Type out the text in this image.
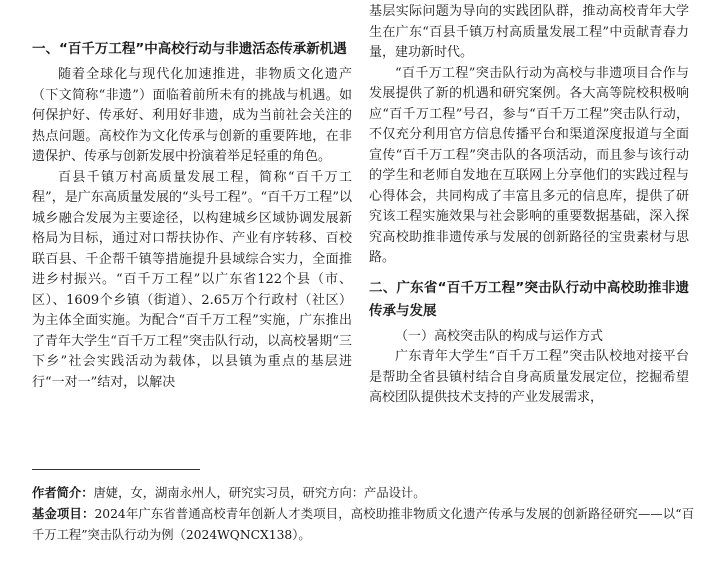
一、“百千万工程”中高校行动与非遗活态传承新机遇

随着全球化与现代化加速推进，非物质文化遗产（下文简称“非遗”）面临着前所未有的挑战与机遇。如何保护好、传承好、利用好非遗，成为当前社会关注的热点问题。高校作为文化传承与创新的重要阵地，在非遗保护、传承与创新发展中扮演着举足轻重的角色。

百县千镇万村高质量发展工程，简称“百千万工程”，是广东高质量发展的“头号工程”。“百千万工程”以城乡融合发展为主要途径，以构建城乡区域协调发展新格局为目标，通过对口帮扶协作、产业有序转移、百校联百县、千企帮千镇等措施提升县域综合实力，全面推进乡村振兴。“百千万工程”以广东省122个县（市、区）、1609个乡镇（街道）、2.65万个行政村（社区）为主体全面实施。为配合“百千万工程”实施，广东推出了青年大学生“百千万工程”突击队行动，以高校暑期“三下乡”社会实践活动为载体，以县镇为重点的基层进行“一对一”结对，以解决

基层实际问题为导向的实践团队群，推动高校青年大学生在广东“百县千镇万村高质量发展工程”中贡献青春力量，建功新时代。

“百千万工程”突击队行动为高校与非遗项目合作与发展提供了新的机遇和研究案例。各大高等院校积极响应“百千万工程”号召，参与“百千万工程”突击队行动，不仅充分利用官方信息传播平台和渠道深度报道与全面宣传“百千万工程”突击队的各项活动，而且参与该行动的学生和老师自发地在互联网上分享他们的实践过程与心得体会，共同构成了丰富且多元的信息库，提供了研究该工程实施效果与社会影响的重要数据基础，深入探究高校助推非遗传承与发展的创新路径的宝贵素材与思路。

二、广东省“百千万工程”突击队行动中高校助推非遗传承与发展

（一）高校突击队的构成与运作方式

广东青年大学生“百千万工程”突击队校地对接平台是帮助全省县镇村结合自身高质量发展定位，挖掘希望高校团队提供技术支持的产业发展需求，

作者简介：唐婕，女，湖南永州人，研究实习员，研究方向：产品设计。

基金项目：2024年广东省普通高校青年创新人才类项目，高校助推非物质文化遗产传承与发展的创新路径研究——以“百千万工程”突击队行动为例（2024WQNCX138）。
